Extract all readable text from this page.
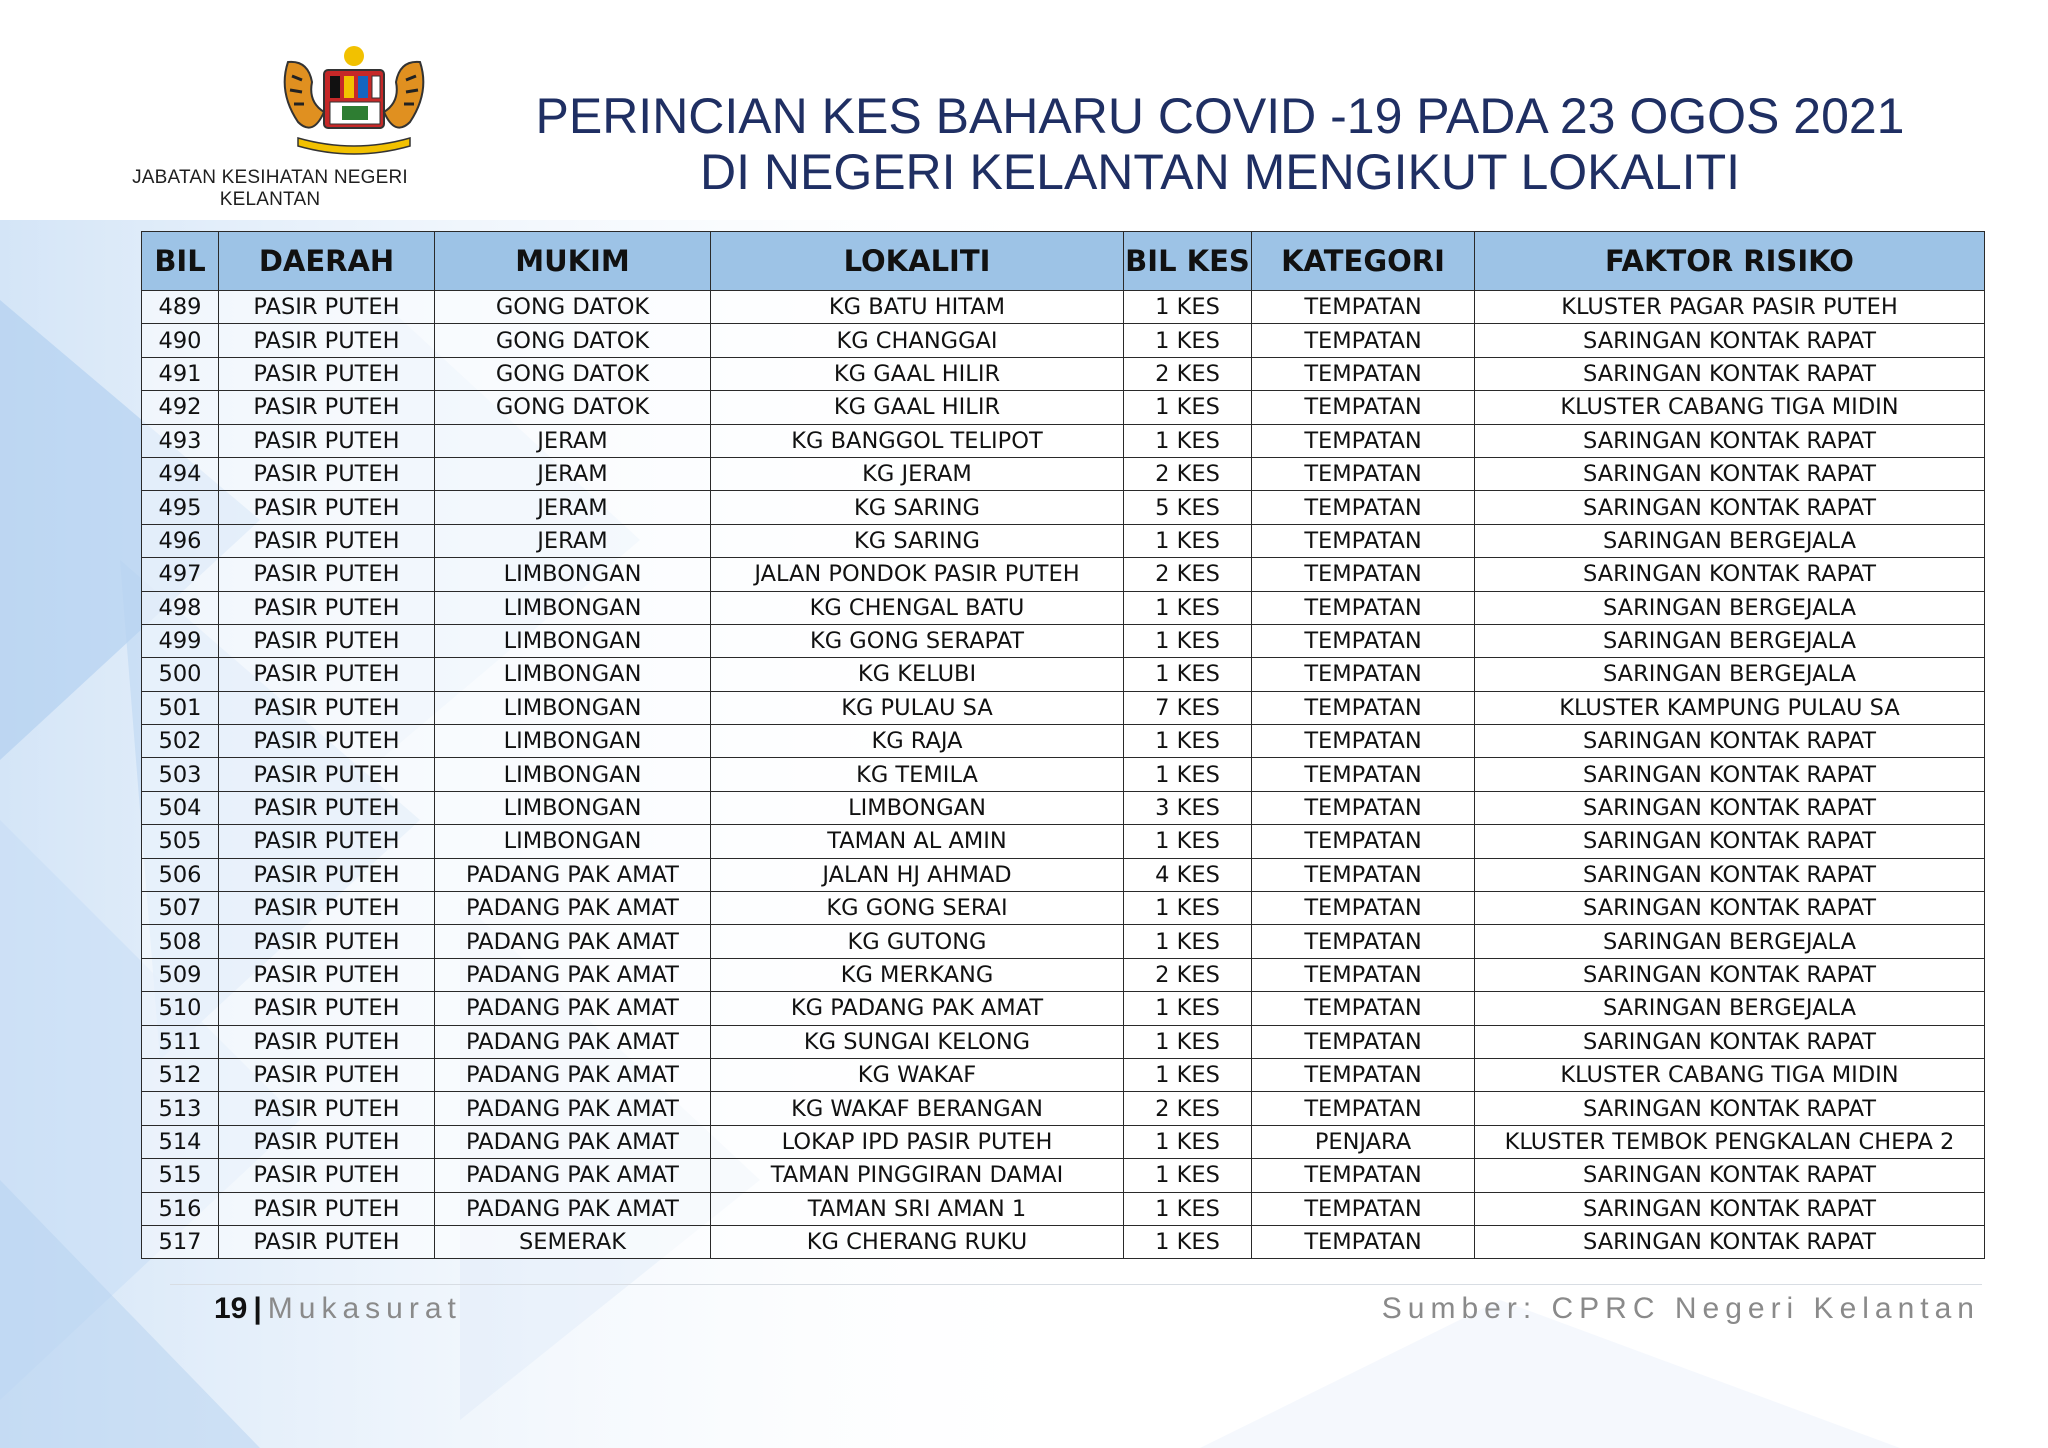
JABATAN KESIHATAN NEGERI KELANTAN
PERINCIAN KES BAHARU COVID -19 PADA 23 OGOS 2021
DI NEGERI KELANTAN MENGIKUT LOKALITI
BIL	DAERAH	MUKIM	LOKALITI	BIL KES	KATEGORI	FAKTOR RISIKO
489	PASIR PUTEH	GONG DATOK	KG BATU HITAM	1 KES	TEMPATAN	KLUSTER PAGAR PASIR PUTEH
490	PASIR PUTEH	GONG DATOK	KG CHANGGAI	1 KES	TEMPATAN	SARINGAN KONTAK RAPAT
491	PASIR PUTEH	GONG DATOK	KG GAAL HILIR	2 KES	TEMPATAN	SARINGAN KONTAK RAPAT
492	PASIR PUTEH	GONG DATOK	KG GAAL HILIR	1 KES	TEMPATAN	KLUSTER CABANG TIGA MIDIN
493	PASIR PUTEH	JERAM	KG BANGGOL TELIPOT	1 KES	TEMPATAN	SARINGAN KONTAK RAPAT
494	PASIR PUTEH	JERAM	KG JERAM	2 KES	TEMPATAN	SARINGAN KONTAK RAPAT
495	PASIR PUTEH	JERAM	KG SARING	5 KES	TEMPATAN	SARINGAN KONTAK RAPAT
496	PASIR PUTEH	JERAM	KG SARING	1 KES	TEMPATAN	SARINGAN BERGEJALA
497	PASIR PUTEH	LIMBONGAN	JALAN PONDOK PASIR PUTEH	2 KES	TEMPATAN	SARINGAN KONTAK RAPAT
498	PASIR PUTEH	LIMBONGAN	KG CHENGAL BATU	1 KES	TEMPATAN	SARINGAN BERGEJALA
499	PASIR PUTEH	LIMBONGAN	KG GONG SERAPAT	1 KES	TEMPATAN	SARINGAN BERGEJALA
500	PASIR PUTEH	LIMBONGAN	KG KELUBI	1 KES	TEMPATAN	SARINGAN BERGEJALA
501	PASIR PUTEH	LIMBONGAN	KG PULAU SA	7 KES	TEMPATAN	KLUSTER KAMPUNG PULAU SA
502	PASIR PUTEH	LIMBONGAN	KG RAJA	1 KES	TEMPATAN	SARINGAN KONTAK RAPAT
503	PASIR PUTEH	LIMBONGAN	KG TEMILA	1 KES	TEMPATAN	SARINGAN KONTAK RAPAT
504	PASIR PUTEH	LIMBONGAN	LIMBONGAN	3 KES	TEMPATAN	SARINGAN KONTAK RAPAT
505	PASIR PUTEH	LIMBONGAN	TAMAN AL AMIN	1 KES	TEMPATAN	SARINGAN KONTAK RAPAT
506	PASIR PUTEH	PADANG PAK AMAT	JALAN HJ AHMAD	4 KES	TEMPATAN	SARINGAN KONTAK RAPAT
507	PASIR PUTEH	PADANG PAK AMAT	KG GONG SERAI	1 KES	TEMPATAN	SARINGAN KONTAK RAPAT
508	PASIR PUTEH	PADANG PAK AMAT	KG GUTONG	1 KES	TEMPATAN	SARINGAN BERGEJALA
509	PASIR PUTEH	PADANG PAK AMAT	KG MERKANG	2 KES	TEMPATAN	SARINGAN KONTAK RAPAT
510	PASIR PUTEH	PADANG PAK AMAT	KG PADANG PAK AMAT	1 KES	TEMPATAN	SARINGAN BERGEJALA
511	PASIR PUTEH	PADANG PAK AMAT	KG SUNGAI KELONG	1 KES	TEMPATAN	SARINGAN KONTAK RAPAT
512	PASIR PUTEH	PADANG PAK AMAT	KG WAKAF	1 KES	TEMPATAN	KLUSTER CABANG TIGA MIDIN
513	PASIR PUTEH	PADANG PAK AMAT	KG WAKAF BERANGAN	2 KES	TEMPATAN	SARINGAN KONTAK RAPAT
514	PASIR PUTEH	PADANG PAK AMAT	LOKAP IPD PASIR PUTEH	1 KES	PENJARA	KLUSTER TEMBOK PENGKALAN CHEPA 2
515	PASIR PUTEH	PADANG PAK AMAT	TAMAN PINGGIRAN DAMAI	1 KES	TEMPATAN	SARINGAN KONTAK RAPAT
516	PASIR PUTEH	PADANG PAK AMAT	TAMAN SRI AMAN 1	1 KES	TEMPATAN	SARINGAN KONTAK RAPAT
517	PASIR PUTEH	SEMERAK	KG CHERANG RUKU	1 KES	TEMPATAN	SARINGAN KONTAK RAPAT
19 | Mukasurat	Sumber: CPRC Negeri Kelantan
